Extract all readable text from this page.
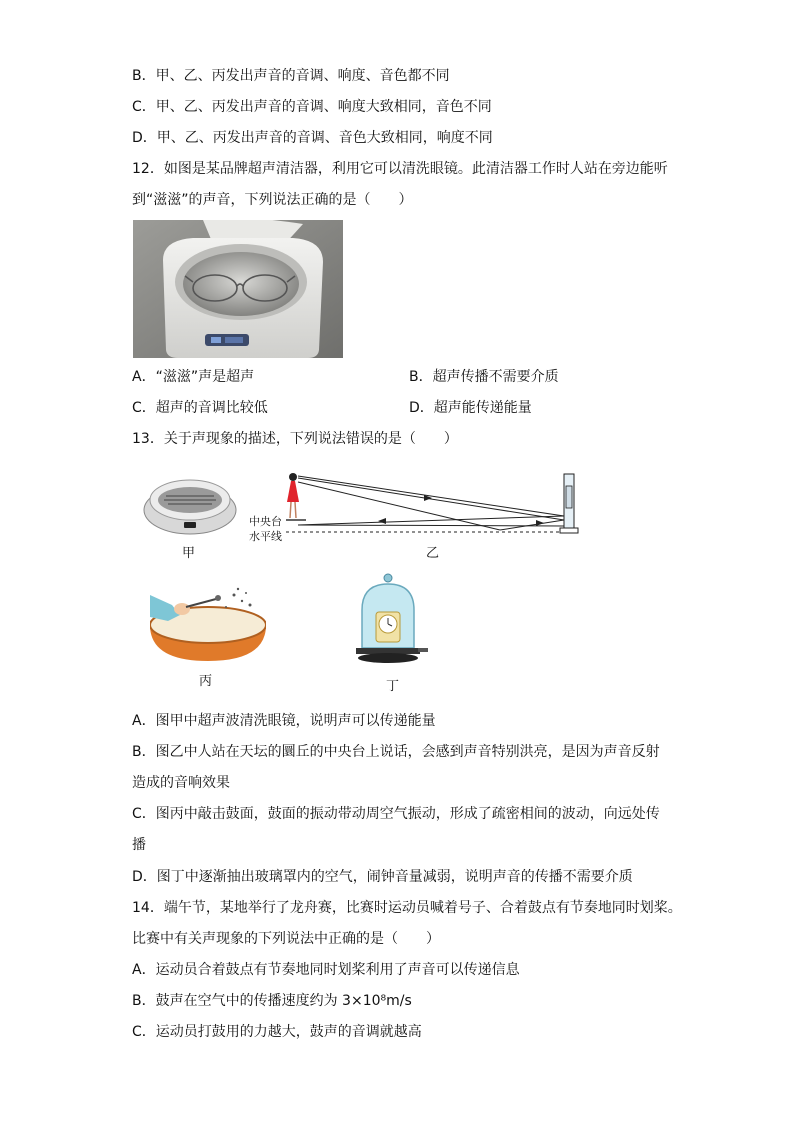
B．甲、乙、丙发出声音的音调、响度、音色都不同
C．甲、乙、丙发出声音的音调、响度大致相同，音色不同
D．甲、乙、丙发出声音的音调、音色大致相同，响度不同
12．如图是某品牌超声清洁器，利用它可以清洗眼镜。此清洁器工作时人站在旁边能听
到“滋滋”的声音，下列说法正确的是（　　）
A．“滋滋”声是超声	B．超声传播不需要介质
C．超声的音调比较低	D．超声能传递能量
13．关于声现象的描述，下列说法错误的是（　　）
甲
中央台
水平线
乙
丙	丁
A．图甲中超声波清洗眼镜，说明声可以传递能量
B．图乙中人站在天坛的圜丘的中央台上说话，会感到声音特别洪亮，是因为声音反射
造成的音响效果
C．图丙中敲击鼓面，鼓面的振动带动周空气振动，形成了疏密相间的波动，向远处传
播
D．图丁中逐渐抽出玻璃罩内的空气，闹钟音量减弱，说明声音的传播不需要介质
14．端午节，某地举行了龙舟赛，比赛时运动员喊着号子、合着鼓点有节奏地同时划桨。
比赛中有关声现象的下列说法中正确的是（　　）
A．运动员合着鼓点有节奏地同时划桨利用了声音可以传递信息
B．鼓声在空气中的传播速度约为 3×10⁸m/s
C．运动员打鼓用的力越大，鼓声的音调就越高
